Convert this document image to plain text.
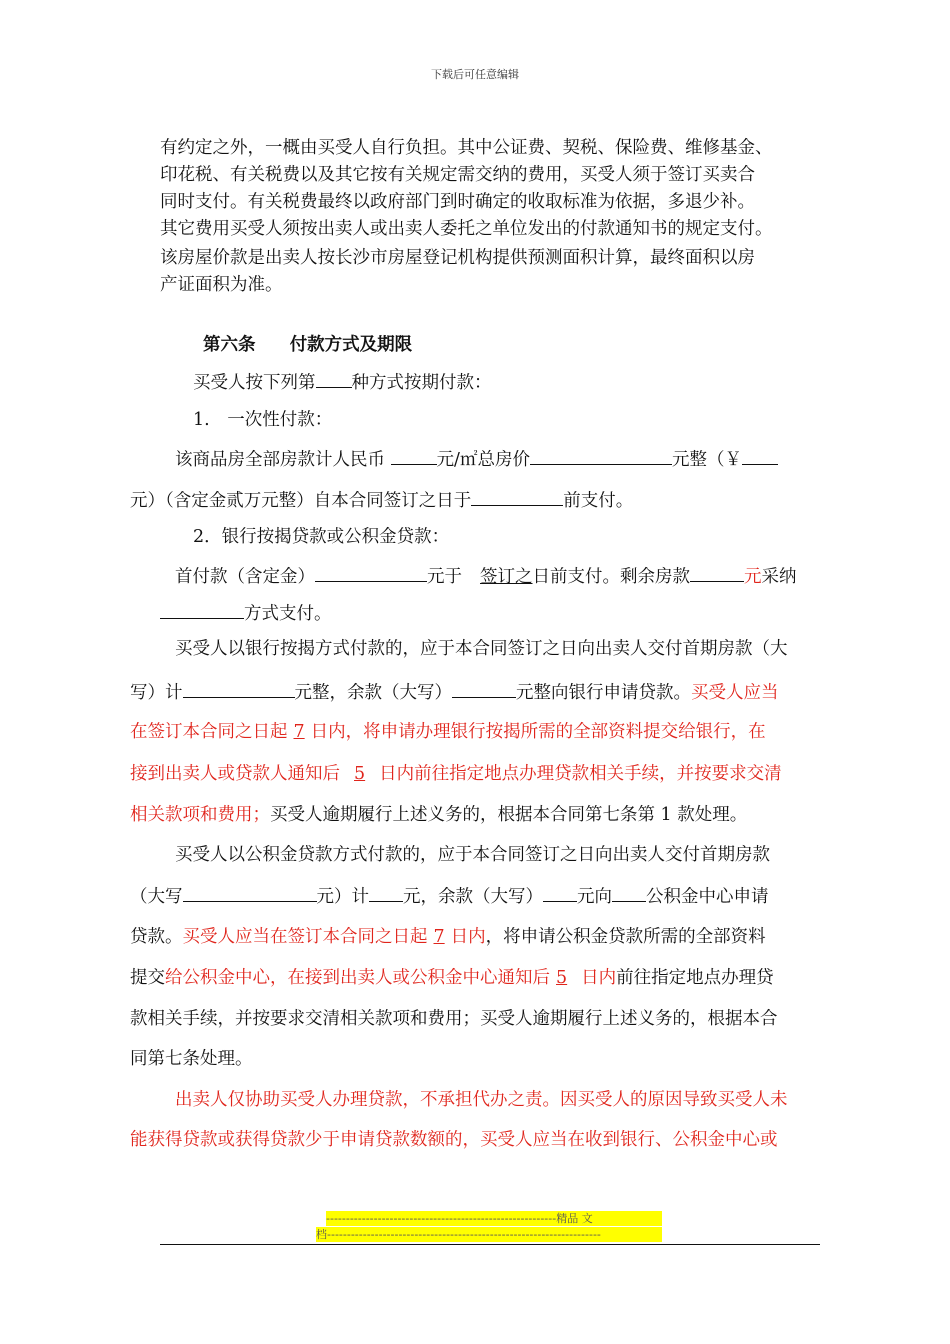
下载后可任意编辑
有约定之外，一概由买受人自行负担。其中公证费、契税、保险费、维修基金、
印花税、有关税费以及其它按有关规定需交纳的费用，买受人须于签订买卖合
同时支付。有关税费最终以政府部门到时确定的收取标准为依据，多退少补。
其它费用买受人须按出卖人或出卖人委托之单位发出的付款通知书的规定支付。
该房屋价款是出卖人按长沙市房屋登记机构提供预测面积计算，最终面积以房
产证面积为准。
第六条 付款方式及期限
买受人按下列第 种方式按期付款：
1.　一次性付款：
该商品房全部房款计人民币	元/㎡总房价	元整（￥
元）（含定金贰万元整）自本合同签订之日于	前支付。
2．银行按揭贷款或公积金贷款：
首付款（含定金）	元于 签订之日前支付。剩余房款	元采纳
方式支付。
买受人以银行按揭方式付款的，应于本合同签订之日向出卖人交付首期房款（大
写）计	元整，余款（大写）	元整向银行申请贷款。买受人应当
在签订本合同之日起 7 日内，将申请办理银行按揭所需的全部资料提交给银行，在
接到出卖人或贷款人通知后 5 日内前往指定地点办理贷款相关手续，并按要求交清
相关款项和费用；买受人逾期履行上述义务的，根据本合同第七条第 1 款处理。
买受人以公积金贷款方式付款的，应于本合同签订之日向出卖人交付首期房款
（大写	元）计 元，余款（大写） 元向 公积金中心申请
贷款。买受人应当在签订本合同之日起 7 日内，将申请公积金贷款所需的全部资料
提交给公积金中心，在接到出卖人或公积金中心通知后 5 日内前往指定地点办理贷
款相关手续，并按要求交清相关款项和费用；买受人逾期履行上述义务的，根据本合
同第七条处理。
出卖人仅协助买受人办理贷款，不承担代办之责。因买受人的原因导致买受人未
能获得贷款或获得贷款少于申请贷款数额的，买受人应当在收到银行、公积金中心或
----------------------------------------------------------精品 文
档---------------------------------------------------------------------
